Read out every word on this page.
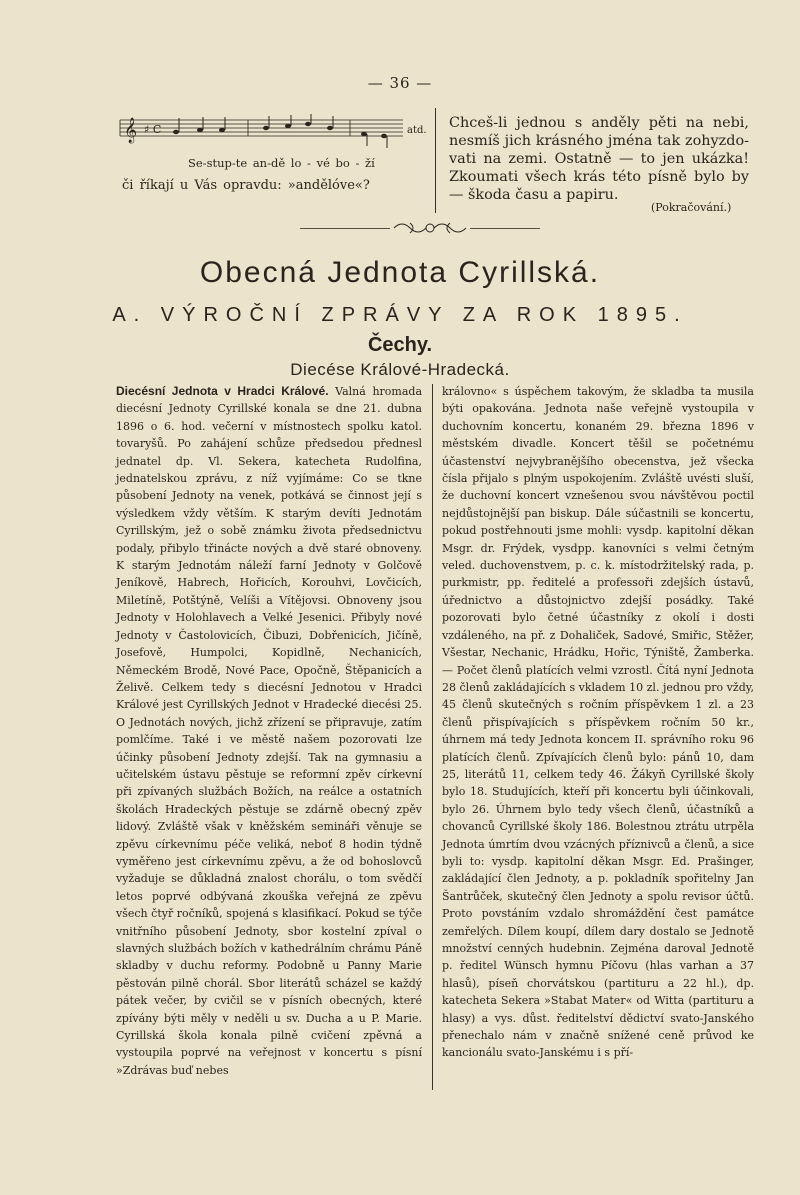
— 36 —
𝄞 ♯ C	atd.
Se-stup-te an-dě lo - vé bo - ží
či říkají u Vás opravdu: »andělóve«?

Chceš-li jednou s anděly pěti na nebi,

nesmíš jich krásného jména tak zohyzdo-

vati na zemi. Ostatně — to jen ukázka!

Zkoumati všech krás této písně bylo by

— škoda času a papiru.

(Pokračování.)
Obecná Jednota Cyrillská.
A. VÝROČNÍ ZPRÁVY ZA ROK 1895.
Čechy.
Diecése Králové-Hradecká.

Diecésní Jednota v Hradci Králové. Valná hromada diecésní Jednoty Cyrillské konala se dne 21. dubna 1896 o 6. hod. večerní v místnostech spolku katol. tovaryšů. Po zahájení schůze předsedou přednesl jednatel dp. Vl. Sekera, katecheta Rudolfina, jednatelskou zprávu, z níž vyjímáme: Co se tkne působení Jednoty na venek, potkává se činnost její s výsledkem vždy větším. K starým devíti Jednotám Cyrillským, jež o sobě známku života předsednictvu podaly, přibylo třinácte nových a dvě staré obnoveny. K starým Jednotám náleží farní Jednoty v Golčově Jeníkově, Habrech, Hořicích, Korouhvi, Lovčicích, Miletíně, Potštýně, Velíši a Vítějovsi. Obnoveny jsou Jednoty v Holohlavech a Velké Jesenici. Přibyly nové Jednoty v Častolovicích, Čibuzi, Dobřenicích, Jičíně, Josefově, Humpolci, Kopidlně, Nechanicích, Německém Brodě, Nové Pace, Opočně, Štěpanicích a Želivě. Celkem tedy s diecésní Jednotou v Hradci Králové jest Cyrillských Jednot v Hradecké diecési 25. O Jednotách nových, jichž zřízení se připravuje, zatím pomlčíme. Také i ve městě našem pozorovati lze účinky působení Jednoty zdejší. Tak na gymnasiu a učitelském ústavu pěstuje se reformní zpěv církevní při zpívaných službách Božích, na reálce a ostatních školách Hradeckých pěstuje se zdárně obecný zpěv lidový. Zvláště však v kněžském semináři věnuje se zpěvu církevnímu péče veliká, neboť 8 hodin týdně vyměřeno jest církevnímu zpěvu, a že od bohoslovců vyžaduje se důkladná znalost chorálu, o tom svědčí letos poprvé odbývaná zkouška veřejná ze zpěvu všech čtyř ročníků, spojená s klasifikací. Pokud se týče vnitřního působení Jednoty, sbor kostelní zpíval o slavných službách božích v kathedrálním chrámu Páně skladby v duchu reformy. Podobně u Panny Marie pěstován pilně chorál. Sbor literátů scházel se každý pátek večer, by cvičil se v písních obecných, které zpívány býti měly v neděli u sv. Ducha a u P. Marie. Cyrillská škola konala pilně cvičení zpěvná a vystoupila poprvé na veřejnost v koncertu s písní »Zdrávas buď nebes

královno« s úspěchem takovým, že skladba ta musila býti opakována. Jednota naše veřejně vystoupila v duchovním koncertu, konaném 29. března 1896 v městském divadle. Koncert těšil se početnému účastenství nejvybranějšího obecenstva, jež všecka čísla přijalo s plným uspokojením. Zvláště uvésti sluší, že duchovní koncert vznešenou svou návštěvou poctil nejdůstojnější pan biskup. Dále súčastnili se koncertu, pokud postřehnouti jsme mohli: vysdp. kapitolní děkan Msgr. dr. Frýdek, vysdpp. kanovníci s velmi četným veled. duchovenstvem, p. c. k. místodržitelský rada, p. purkmistr, pp. ředitelé a professoři zdejších ústavů, úřednictvo a důstojnictvo zdejší posádky. Také pozorovati bylo četné účastníky z okolí i dosti vzdáleného, na př. z Dohaliček, Sadové, Smiřic, Stěžer, Všestar, Nechanic, Hrádku, Hořic, Týniště, Žamberka. — Počet členů platících velmi vzrostl. Čítá nyní Jednota 28 členů zakládajících s vkladem 10 zl. jednou pro vždy, 45 členů skutečných s ročním příspěvkem 1 zl. a 23 členů přispívajících s příspěvkem ročním 50 kr., úhrnem má tedy Jednota koncem II. správního roku 96 platících členů. Zpívajících členů bylo: pánů 10, dam 25, literátů 11, celkem tedy 46. Žákyň Cyrillské školy bylo 18. Studujících, kteří při koncertu byli účinkovali, bylo 26. Úhrnem bylo tedy všech členů, účastníků a chovanců Cyrillské školy 186. Bolestnou ztrátu utrpěla Jednota úmrtím dvou vzácných příznivců a členů, a sice byli to: vysdp. kapitolní děkan Msgr. Ed. Prašinger, zakládající člen Jednoty, a p. pokladník spořitelny Jan Šantrůček, skutečný člen Jednoty a spolu revisor účtů. Proto povstáním vzdalo shromáždění čest památce zemřelých. Dílem koupí, dílem dary dostalo se Jednotě množství cenných hudebnin. Zejména daroval Jednotě p. ředitel Wünsch hymnu Píčovu (hlas varhan a 37 hlasů), píseň chorvátskou (partituru a 22 hl.), dp. katecheta Sekera »Stabat Mater« od Witta (partituru a hlasy) a vys. důst. ředitelství dědictví svato-Janského přenechalo nám v značně snížené ceně průvod ke kancionálu svato-Janskému i s pří-
